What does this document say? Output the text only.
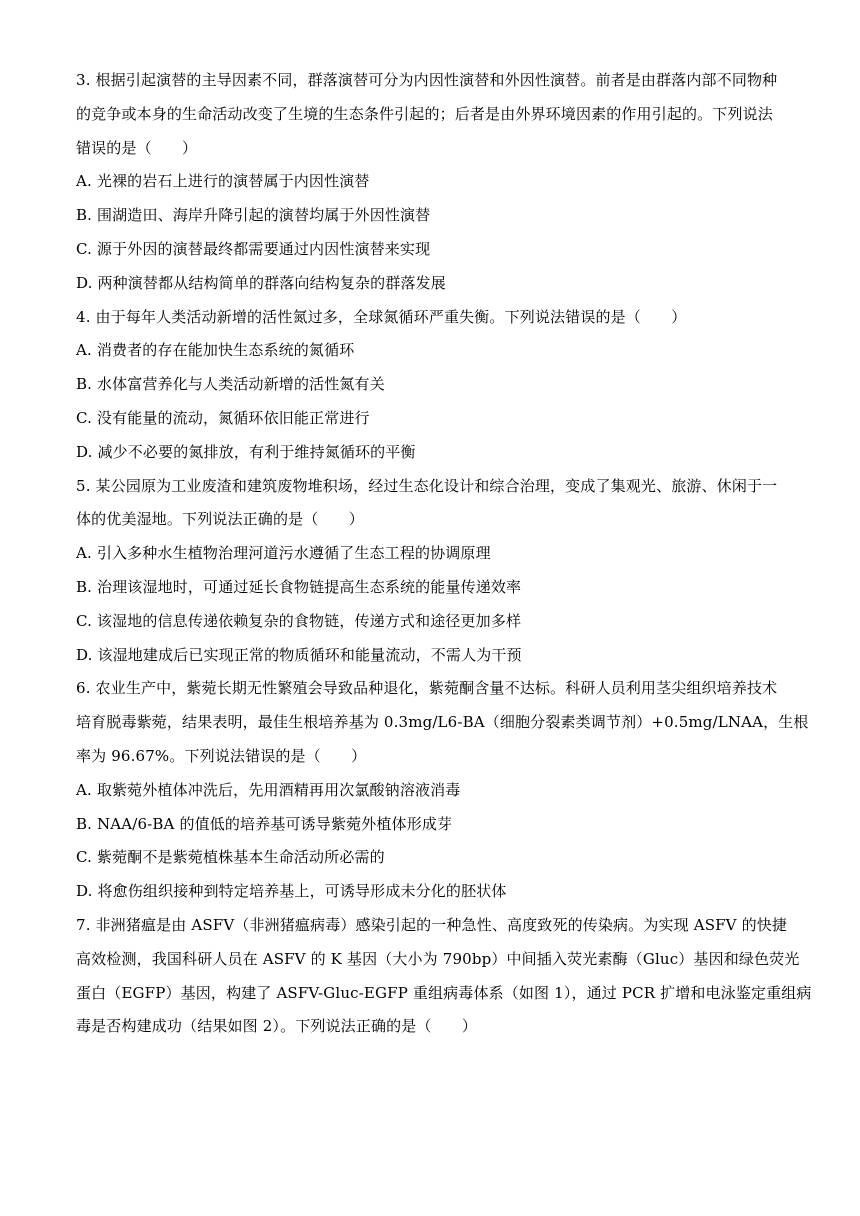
3. 根据引起演替的主导因素不同，群落演替可分为内因性演替和外因性演替。前者是由群落内部不同物种
的竞争或本身的生命活动改变了生境的生态条件引起的；后者是由外界环境因素的作用引起的。下列说法
错误的是（　　）
A. 光裸的岩石上进行的演替属于内因性演替
B. 围湖造田、海岸升降引起的演替均属于外因性演替
C. 源于外因的演替最终都需要通过内因性演替来实现
D. 两种演替都从结构简单的群落向结构复杂的群落发展
4. 由于每年人类活动新增的活性氮过多，全球氮循环严重失衡。下列说法错误的是（　　）
A. 消费者的存在能加快生态系统的氮循环
B. 水体富营养化与人类活动新增的活性氮有关
C. 没有能量的流动，氮循环依旧能正常进行
D. 减少不必要的氮排放，有利于维持氮循环的平衡
5. 某公园原为工业废渣和建筑废物堆积场，经过生态化设计和综合治理，变成了集观光、旅游、休闲于一
体的优美湿地。下列说法正确的是（　　）
A. 引入多种水生植物治理河道污水遵循了生态工程的协调原理
B. 治理该湿地时，可通过延长食物链提高生态系统的能量传递效率
C. 该湿地的信息传递依赖复杂的食物链，传递方式和途径更加多样
D. 该湿地建成后已实现正常的物质循环和能量流动，不需人为干预
6. 农业生产中，紫菀长期无性繁殖会导致品种退化，紫菀酮含量不达标。科研人员利用茎尖组织培养技术
培育脱毒紫菀，结果表明，最佳生根培养基为 0.3mg/L6-BA（细胞分裂素类调节剂）+0.5mg/LNAA，生根
率为 96.67%。下列说法错误的是（　　）
A. 取紫菀外植体冲洗后，先用酒精再用次氯酸钠溶液消毒
B. NAA/6-BA 的值低的培养基可诱导紫菀外植体形成芽
C. 紫菀酮不是紫菀植株基本生命活动所必需的
D. 将愈伤组织接种到特定培养基上，可诱导形成未分化的胚状体
7. 非洲猪瘟是由 ASFV（非洲猪瘟病毒）感染引起的一种急性、高度致死的传染病。为实现 ASFV 的快捷
高效检测，我国科研人员在 ASFV 的 K 基因（大小为 790bp）中间插入荧光素酶（Gluc）基因和绿色荧光
蛋白（EGFP）基因，构建了 ASFV-Gluc-EGFP 重组病毒体系（如图 1），通过 PCR 扩增和电泳鉴定重组病
毒是否构建成功（结果如图 2）。下列说法正确的是（　　）
